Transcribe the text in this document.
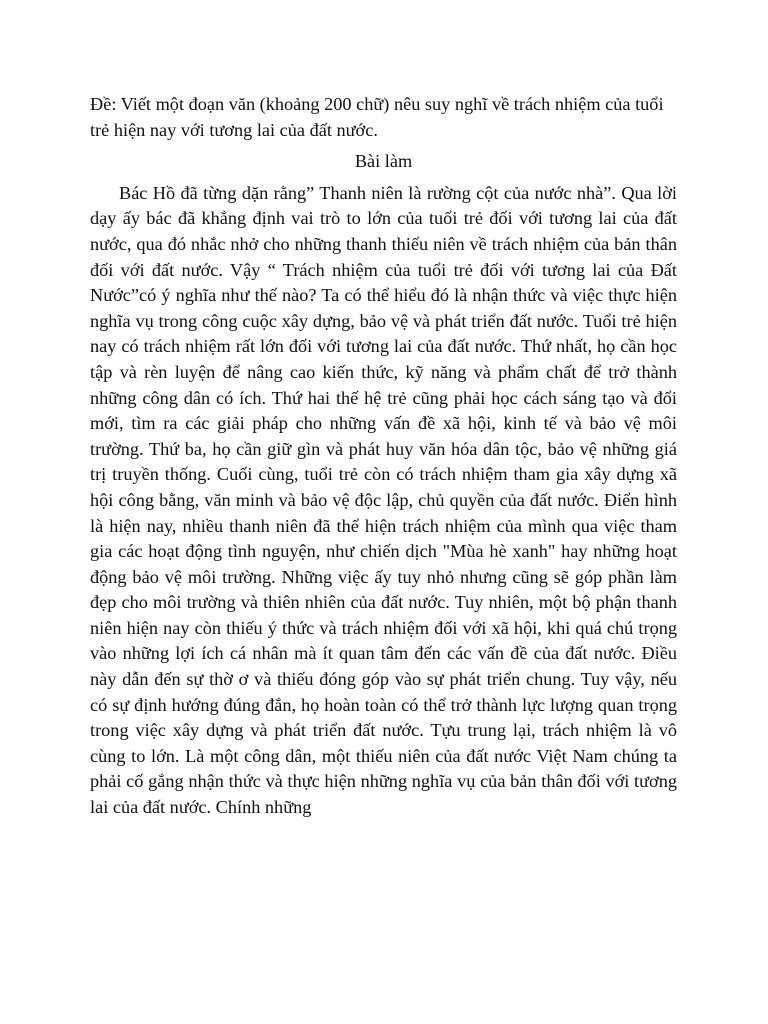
Đề: Viết một đoạn văn (khoảng 200 chữ) nêu suy nghĩ về trách nhiệm của tuổi trẻ hiện nay với tương lai của đất nước.

Bài làm

Bác Hồ đã từng dặn rằng” Thanh niên là rường cột của nước nhà”. Qua lời dạy ấy bác đã khẳng định vai trò to lớn của tuổi trẻ đối với tương lai của đất nước, qua đó nhắc nhở cho những thanh thiếu niên về trách nhiệm của bản thân đối với đất nước. Vậy “ Trách nhiệm của tuổi trẻ đối với tương lai của Đất Nước”có ý nghĩa như thế nào? Ta có thể hiểu đó là nhận thức và việc thực hiện nghĩa vụ trong công cuộc xây dựng, bảo vệ và phát triển đất nước. Tuổi trẻ hiện nay có trách nhiệm rất lớn đối với tương lai của đất nước. Thứ nhất, họ cần học tập và rèn luyện để nâng cao kiến thức, kỹ năng và phẩm chất để trở thành những công dân có ích. Thứ hai thế hệ trẻ cũng phải học cách sáng tạo và đổi mới, tìm ra các giải pháp cho những vấn đề xã hội, kinh tế và bảo vệ môi trường. Thứ ba, họ cần giữ gìn và phát huy văn hóa dân tộc, bảo vệ những giá trị truyền thống. Cuối cùng, tuổi trẻ còn có trách nhiệm tham gia xây dựng xã hội công bằng, văn minh và bảo vệ độc lập, chủ quyền của đất nước. Điển hình là hiện nay, nhiều thanh niên đã thể hiện trách nhiệm của mình qua việc tham gia các hoạt động tình nguyện, như chiến dịch "Mùa hè xanh" hay những hoạt động bảo vệ môi trường. Những việc ấy tuy nhỏ nhưng cũng sẽ góp phần làm đẹp cho môi trường và thiên nhiên của đất nước. Tuy nhiên, một bộ phận thanh niên hiện nay còn thiếu ý thức và trách nhiệm đối với xã hội, khi quá chú trọng vào những lợi ích cá nhân mà ít quan tâm đến các vấn đề của đất nước. Điều này dẫn đến sự thờ ơ và thiếu đóng góp vào sự phát triển chung. Tuy vậy, nếu có sự định hướng đúng đắn, họ hoàn toàn có thể trở thành lực lượng quan trọng trong việc xây dựng và phát triển đất nước. Tựu trung lại, trách nhiệm là vô cùng to lớn. Là một công dân, một thiếu niên của đất nước Việt Nam chúng ta phải cố gắng nhận thức và thực hiện những nghĩa vụ của bản thân đối với tương lai của đất nước. Chính những
